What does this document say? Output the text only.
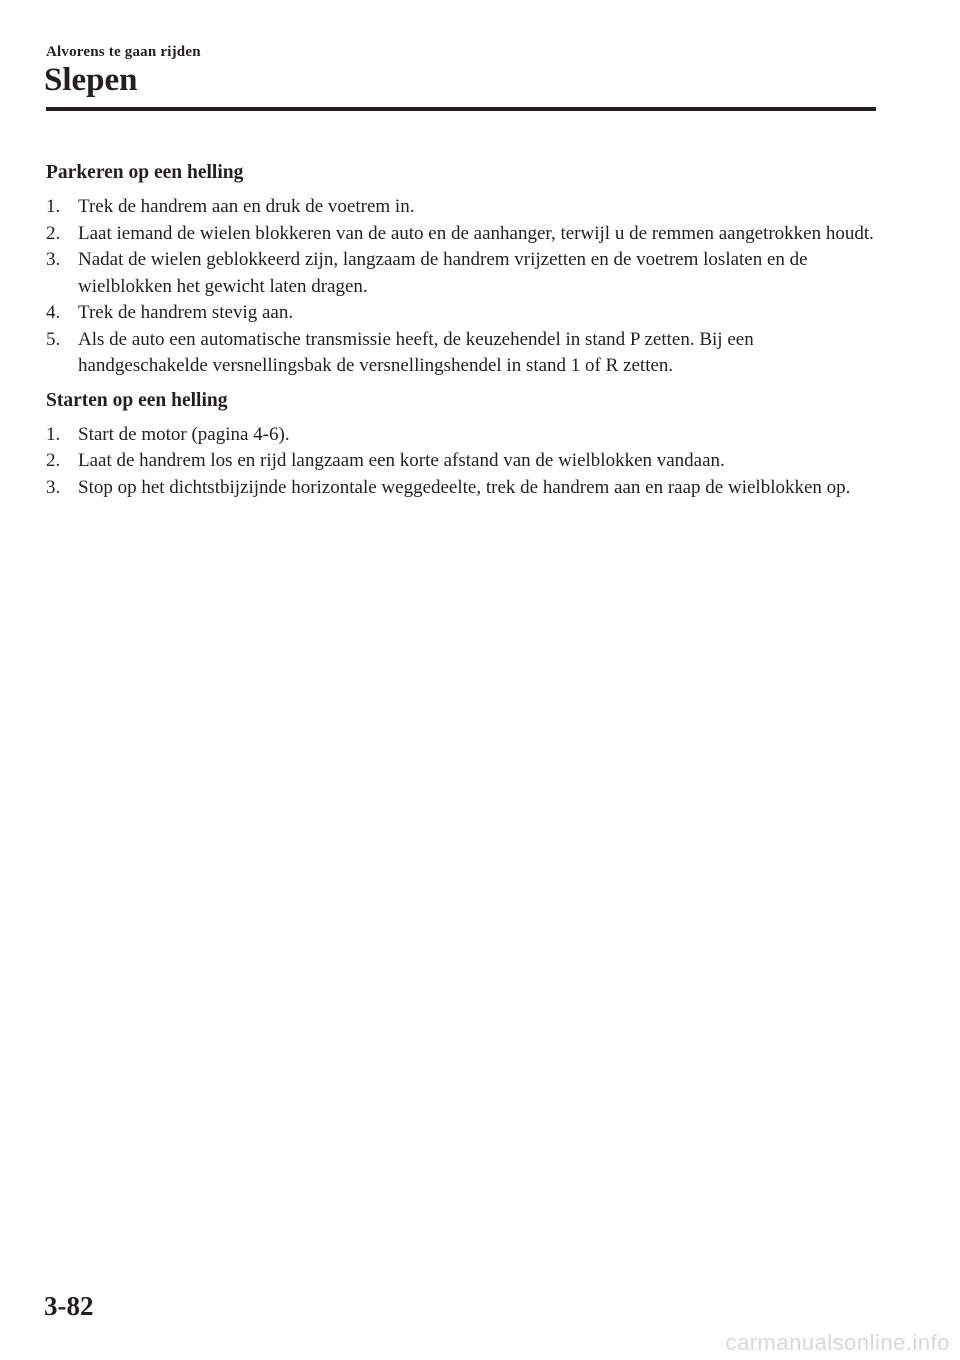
Alvorens te gaan rijden
Slepen
Parkeren op een helling
1. Trek de handrem aan en druk de voetrem in.
2. Laat iemand de wielen blokkeren van de auto en de aanhanger, terwijl u de remmen aangetrokken houdt.
3. Nadat de wielen geblokkeerd zijn, langzaam de handrem vrijzetten en de voetrem loslaten en de wielblokken het gewicht laten dragen.
4. Trek de handrem stevig aan.
5. Als de auto een automatische transmissie heeft, de keuzehendel in stand P zetten. Bij een handgeschakelde versnellingsbak de versnellingshendel in stand 1 of R zetten.
Starten op een helling
1. Start de motor (pagina 4-6).
2. Laat de handrem los en rijd langzaam een korte afstand van de wielblokken vandaan.
3. Stop op het dichtstbijzijnde horizontale weggedeelte, trek de handrem aan en raap de wielblokken op.
3-82
carmanualsonline.info
